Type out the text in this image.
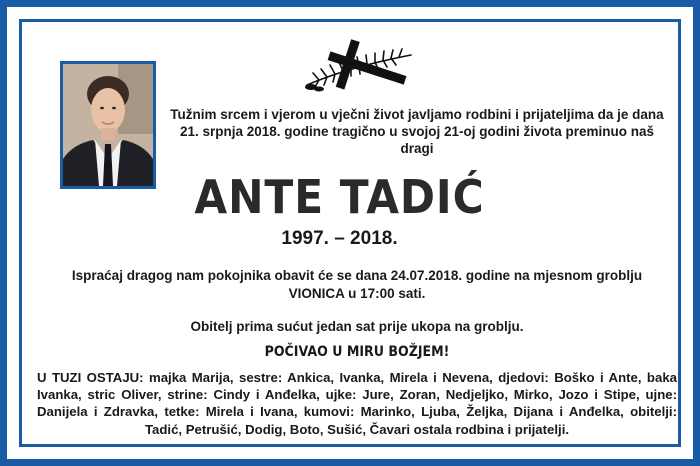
Tužnim srcem i vjerom u vječni život javljamo rodbini i prijateljima da je dana 21. srpnja 2018. godine tragično u svojoj 21-oj godini života preminuo naš dragi
ANTE TADIĆ
1997. – 2018.
Ispraćaj dragog nam pokojnika obavit će se dana 24.07.2018. godine na mjesnom groblju VIONICA u 17:00 sati.
Obitelj prima sućut jedan sat prije ukopa na groblju.
POČIVAO U MIRU BOŽJEM!
U TUZI OSTAJU: majka Marija, sestre: Ankica, Ivanka, Mirela i Nevena, djedovi: Boško i Ante, baka Ivanka, stric Oliver, strine: Cindy i Anđelka, ujke: Jure, Zoran, Nedjeljko, Mirko, Jozo i Stipe, ujne: Danijela i Zdravka, tetke: Mirela i Ivana, kumovi: Marinko, Ljuba, Željka, Dijana i Anđelka, obitelji: Tadić, Petrušić, Dodig, Boto, Sušić, Čavari ostala rodbina i prijatelji.
